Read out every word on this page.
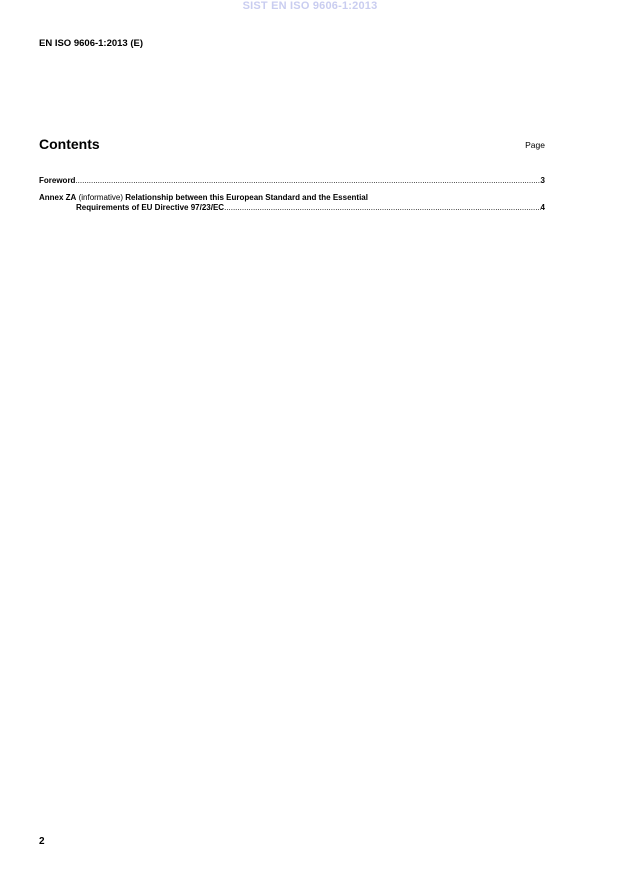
SIST EN ISO 9606-1:2013
EN ISO 9606-1:2013 (E)
Contents	Page
Foreword .....	3
Annex ZA (informative) Relationship between this European Standard and the Essential
Requirements of EU Directive 97/23/EC .....	4
2
